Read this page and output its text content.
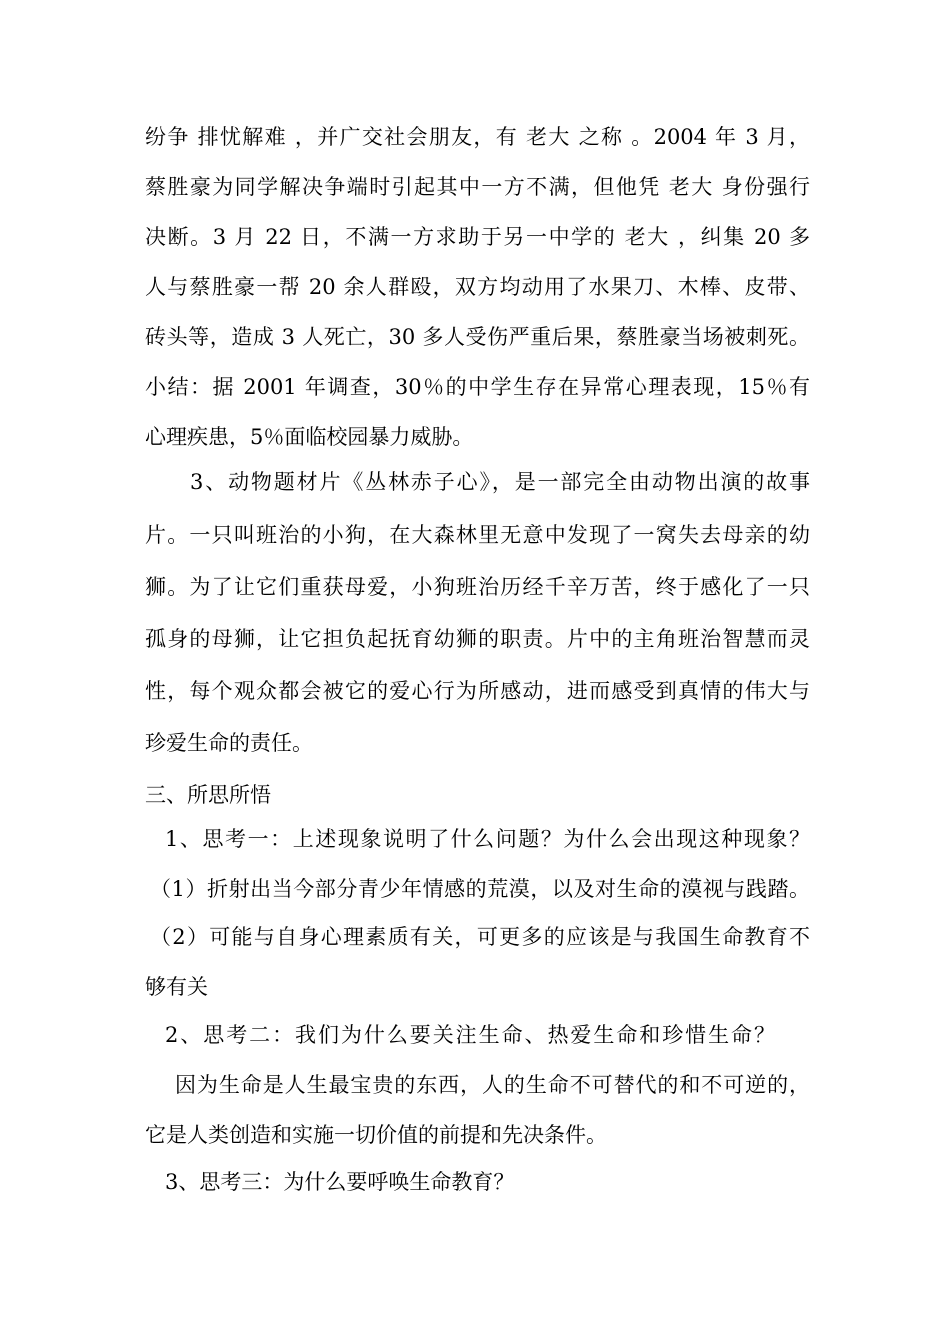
纷争 排忧解难 ，并广交社会朋友，有 老大 之称 。2004 年 3 月，
蔡胜豪为同学解决争端时引起其中一方不满，但他凭 老大 身份强行
决断。3 月 22 日，不满一方求助于另一中学的 老大 ，纠集 20 多
人与蔡胜豪一帮 20 余人群殴，双方均动用了水果刀、木棒、皮带、
砖头等，造成 3 人死亡，30 多人受伤严重后果，蔡胜豪当场被刺死。
小结：据 2001 年调查，30％的中学生存在异常心理表现，15％有
心理疾患，5％面临校园暴力威胁。
3、动物题材片《丛林赤子心》，是一部完全由动物出演的故事
片。一只叫班治的小狗，在大森林里无意中发现了一窝失去母亲的幼
狮。为了让它们重获母爱，小狗班治历经千辛万苦，终于感化了一只
孤身的母狮，让它担负起抚育幼狮的职责。片中的主角班治智慧而灵
性，每个观众都会被它的爱心行为所感动，进而感受到真情的伟大与
珍爱生命的责任。
三、所思所悟
1、思考一：上述现象说明了什么问题？为什么会出现这种现象？
（1）折射出当今部分青少年情感的荒漠，以及对生命的漠视与践踏。
（2）可能与自身心理素质有关，可更多的应该是与我国生命教育不
够有关
2、思考二：我们为什么要关注生命、热爱生命和珍惜生命？
因为生命是人生最宝贵的东西，人的生命不可替代的和不可逆的，
它是人类创造和实施一切价值的前提和先决条件。
3、思考三：为什么要呼唤生命教育？
